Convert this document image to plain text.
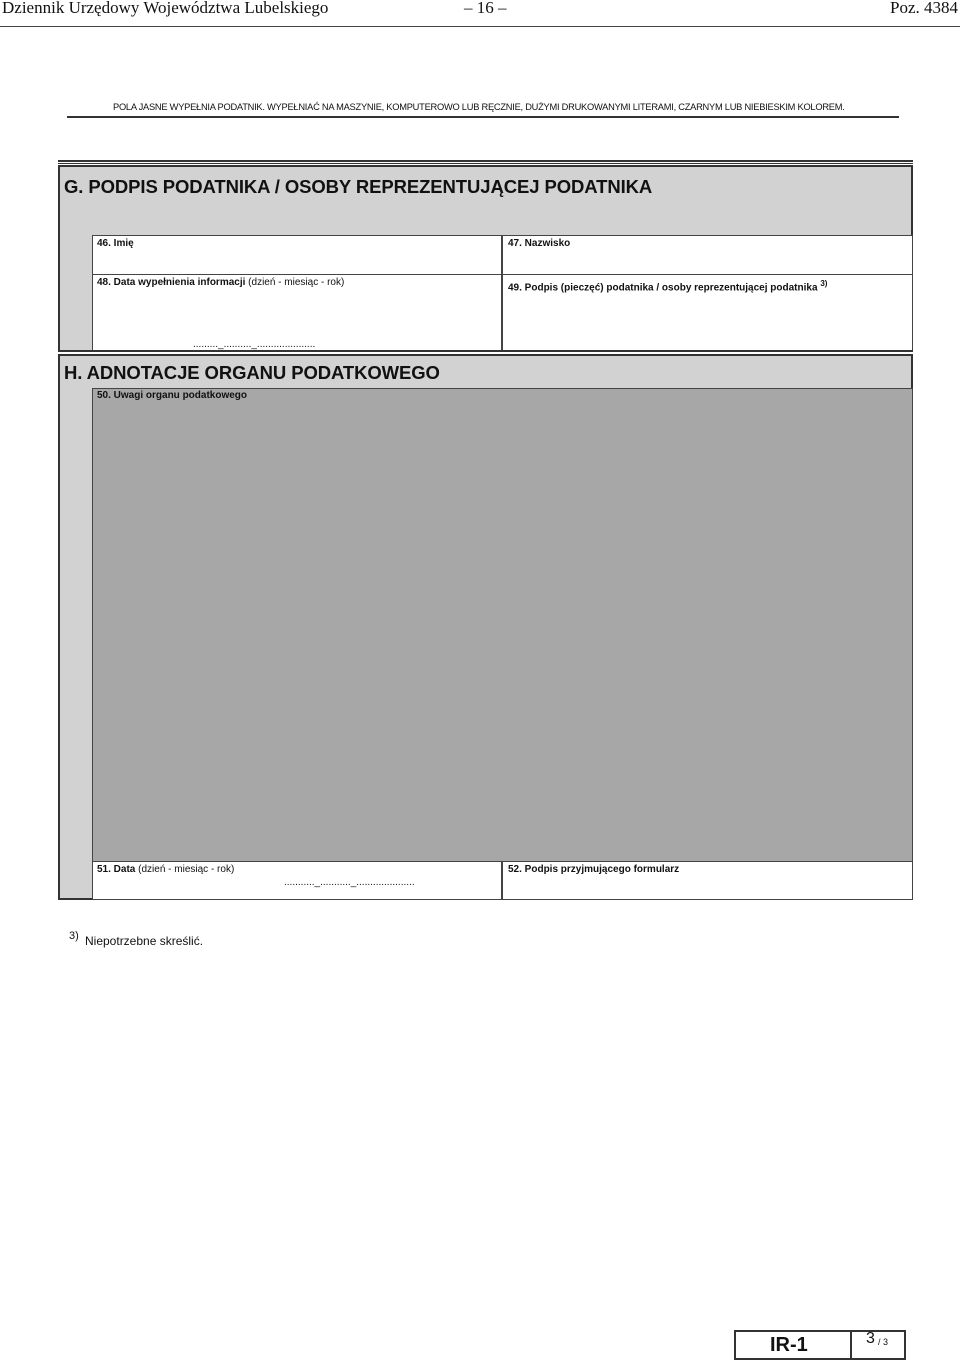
Dziennik Urzędowy Województwa Lubelskiego	– 16 –	Poz. 4384
POLA JASNE WYPEŁNIA PODATNIK. WYPEŁNIAĆ NA MASZYNIE, KOMPUTEROWO LUB RĘCZNIE, DUŻYMI DRUKOWANYMI LITERAMI, CZARNYM LUB NIEBIESKIM KOLOREM.
G. PODPIS PODATNIKA / OSOBY REPREZENTUJĄCEJ PODATNIKA
46. Imię	47. Nazwisko
48. Data wypełnienia informacji (dzień - miesiąc - rok)	49. Podpis (pieczęć) podatnika / osoby reprezentującej podatnika $^{3)}$
........._.........._.....................
H. ADNOTACJE ORGANU PODATKOWEGO
50. Uwagi organu podatkowego
51. Data (dzień - miesiąc - rok)	52. Podpis przyjmującego formularz
..........._..........._.....................
3) Niepotrzebne skreślić.
IR-1	3 / 3
